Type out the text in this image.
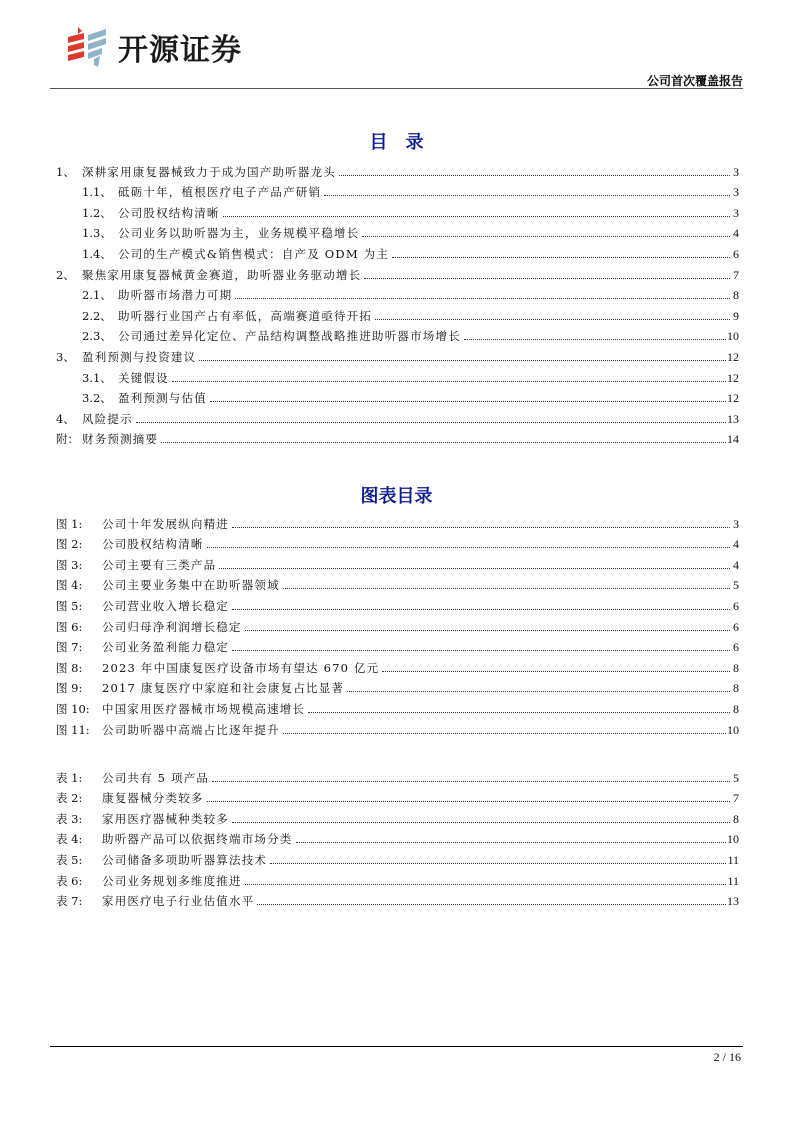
开源证券
公司首次覆盖报告
目　录
1、 深耕家用康复器械致力于成为国产助听器龙头	3
1.1、 砥砺十年，植根医疗电子产品产研销	3
1.2、 公司股权结构清晰	3
1.3、 公司业务以助听器为主，业务规模平稳增长	4
1.4、 公司的生产模式&销售模式：自产及 ODM 为主	6
2、 聚焦家用康复器械黄金赛道，助听器业务驱动增长	7
2.1、 助听器市场潜力可期	8
2.2、 助听器行业国产占有率低，高端赛道亟待开拓	9
2.3、 公司通过差异化定位、产品结构调整战略推进助听器市场增长	10
3、 盈利预测与投资建议	12
3.1、 关键假设	12
3.2、 盈利预测与估值	12
4、 风险提示	13
附： 财务预测摘要	14
图表目录
图 1:	公司十年发展纵向精进	3
图 2:	公司股权结构清晰	4
图 3:	公司主要有三类产品	4
图 4:	公司主要业务集中在助听器领域	5
图 5:	公司营业收入增长稳定	6
图 6:	公司归母净利润增长稳定	6
图 7:	公司业务盈利能力稳定	6
图 8:	2023 年中国康复医疗设备市场有望达 670 亿元	8
图 9:	2017 康复医疗中家庭和社会康复占比显著	8
图 10:	中国家用医疗器械市场规模高速增长	8
图 11:	公司助听器中高端占比逐年提升	10
表 1:	公司共有 5 项产品	5
表 2:	康复器械分类较多	7
表 3:	家用医疗器械种类较多	8
表 4:	助听器产品可以依据终端市场分类	10
表 5:	公司储备多项助听器算法技术	11
表 6:	公司业务规划多维度推进	11
表 7:	家用医疗电子行业估值水平	13
2 / 16
